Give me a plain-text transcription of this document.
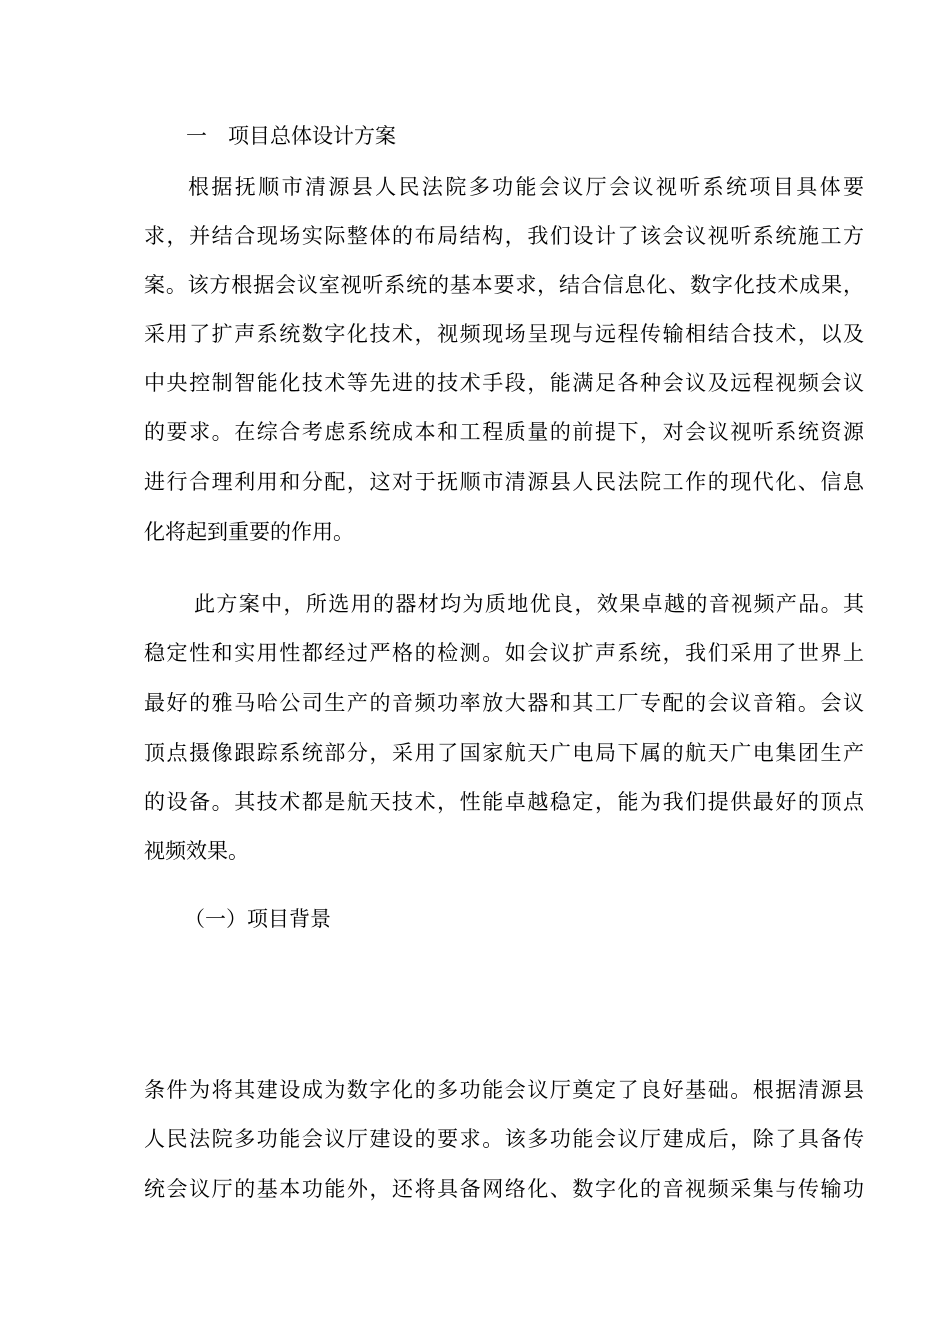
一　项目总体设计方案
根据抚顺市清源县人民法院多功能会议厅会议视听系统项目具体要
求，并结合现场实际整体的布局结构，我们设计了该会议视听系统施工方
案。该方根据会议室视听系统的基本要求，结合信息化、数字化技术成果，
采用了扩声系统数字化技术，视频现场呈现与远程传输相结合技术，以及
中央控制智能化技术等先进的技术手段，能满足各种会议及远程视频会议
的要求。在综合考虑系统成本和工程质量的前提下，对会议视听系统资源
进行合理利用和分配，这对于抚顺市清源县人民法院工作的现代化、信息
化将起到重要的作用。
此方案中，所选用的器材均为质地优良，效果卓越的音视频产品。其
稳定性和实用性都经过严格的检测。如会议扩声系统，我们采用了世界上
最好的雅马哈公司生产的音频功率放大器和其工厂专配的会议音箱。会议
顶点摄像跟踪系统部分，采用了国家航天广电局下属的航天广电集团生产
的设备。其技术都是航天技术，性能卓越稳定，能为我们提供最好的顶点
视频效果。
（一）项目背景
条件为将其建设成为数字化的多功能会议厅奠定了良好基础。根据清源县
人民法院多功能会议厅建设的要求。该多功能会议厅建成后，除了具备传
统会议厅的基本功能外，还将具备网络化、数字化的音视频采集与传输功
